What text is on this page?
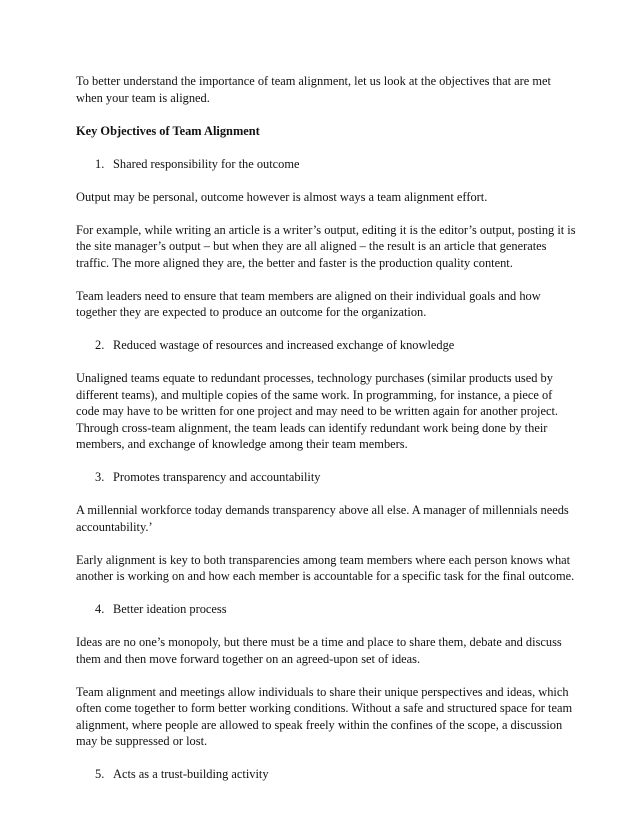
To better understand the importance of team alignment, let us look at the objectives that are met when your team is aligned.

Key Objectives of Team Alignment

1. Shared responsibility for the outcome

Output may be personal, outcome however is almost ways a team alignment effort.

For example, while writing an article is a writer’s output, editing it is the editor’s output, posting it is the site manager’s output – but when they are all aligned – the result is an article that generates traffic. The more aligned they are, the better and faster is the production quality content.

Team leaders need to ensure that team members are aligned on their individual goals and how together they are expected to produce an outcome for the organization.

2. Reduced wastage of resources and increased exchange of knowledge

Unaligned teams equate to redundant processes, technology purchases (similar products used by different teams), and multiple copies of the same work. In programming, for instance, a piece of code may have to be written for one project and may need to be written again for another project. Through cross-team alignment, the team leads can identify redundant work being done by their members, and exchange of knowledge among their team members.

3. Promotes transparency and accountability

A millennial workforce today demands transparency above all else. A manager of millennials needs accountability.’

Early alignment is key to both transparencies among team members where each person knows what another is working on and how each member is accountable for a specific task for the final outcome.

4. Better ideation process

Ideas are no one’s monopoly, but there must be a time and place to share them, debate and discuss them and then move forward together on an agreed-upon set of ideas.

Team alignment and meetings allow individuals to share their unique perspectives and ideas, which often come together to form better working conditions. Without a safe and structured space for team alignment, where people are allowed to speak freely within the confines of the scope, a discussion may be suppressed or lost.

5. Acts as a trust-building activity
